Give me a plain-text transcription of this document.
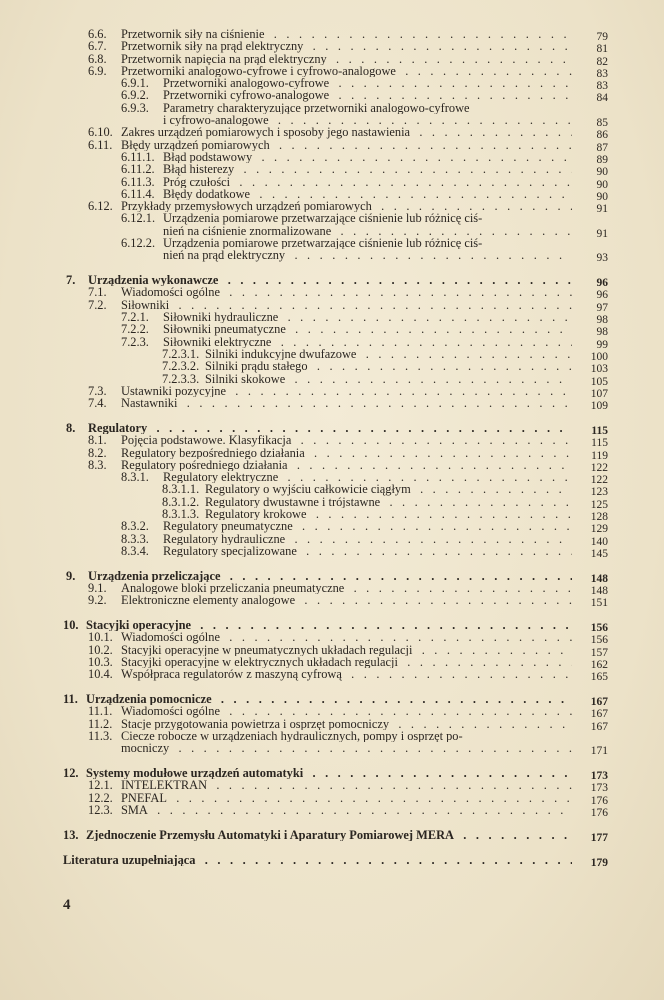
6.6. Przetwornik siły na ciśnienie . . .	79
6.7. Przetwornik siły na prąd elektryczny . . .	81
6.8. Przetwornik napięcia na prąd elektryczny . . .	82
6.9. Przetworniki analogowo-cyfrowe i cyfrowo-analogowe . . .	83
6.9.1. Przetworniki analogowo-cyfrowe . . .	83
6.9.2. Przetworniki cyfrowo-analogowe . . .	84
6.9.3. Parametry charakteryzujące przetworniki analogowo-cyfrowe
i cyfrowo-analogowe . . .	85
6.10. Zakres urządzeń pomiarowych i sposoby jego nastawienia . . .	86
6.11. Błędy urządzeń pomiarowych . . .	87
6.11.1. Błąd podstawowy . . .	89
6.11.2. Błąd histerezy . . .	90
6.11.3. Próg czułości . . .	90
6.11.4. Błędy dodatkowe . . .	90
6.12. Przykłady przemysłowych urządzeń pomiarowych . . .	91
6.12.1. Urządzenia pomiarowe przetwarzające ciśnienie lub różnicę ciś-
nień na ciśnienie znormalizowane . . .	91
6.12.2. Urządzenia pomiarowe przetwarzające ciśnienie lub różnicę ciś-
nień na prąd elektryczny . . .	93
7. Urządzenia wykonawcze . . .	96
7.1. Wiadomości ogólne . . .	96
7.2. Siłowniki . . .	97
7.2.1. Siłowniki hydrauliczne . . .	98
7.2.2. Siłowniki pneumatyczne . . .	98
7.2.3. Siłowniki elektryczne . . .	99
7.2.3.1. Silniki indukcyjne dwufazowe . . .	100
7.2.3.2. Silniki prądu stałego . . .	103
7.2.3.3. Silniki skokowe . . .	105
7.3. Ustawniki pozycyjne . . .	107
7.4. Nastawniki . . .	109
8. Regulatory . . .	115
8.1. Pojęcia podstawowe. Klasyfikacja . . .	115
8.2. Regulatory bezpośredniego działania . . .	119
8.3. Regulatory pośredniego działania . . .	122
8.3.1. Regulatory elektryczne . . .	122
8.3.1.1. Regulatory o wyjściu całkowicie ciągłym . . .	123
8.3.1.2. Regulatory dwustawne i trójstawne . . .	125
8.3.1.3. Regulatory krokowe . . .	128
8.3.2. Regulatory pneumatyczne . . .	129
8.3.3. Regulatory hydrauliczne . . .	140
8.3.4. Regulatory specjalizowane . . .	145
9. Urządzenia przeliczające . . .	148
9.1. Analogowe bloki przeliczania pneumatyczne . . .	148
9.2. Elektroniczne elementy analogowe . . .	151
10. Stacyjki operacyjne . . .	156
10.1. Wiadomości ogólne . . .	156
10.2. Stacyjki operacyjne w pneumatycznych układach regulacji . . .	157
10.3. Stacyjki operacyjne w elektrycznych układach regulacji . . .	162
10.4. Współpraca regulatorów z maszyną cyfrową . . .	165
11. Urządzenia pomocnicze . . .	167
11.1. Wiadomości ogólne . . .	167
11.2. Stacje przygotowania powietrza i osprzęt pomocniczy . . .	167
11.3. Ciecze robocze w urządzeniach hydraulicznych, pompy i osprzęt po-
mocniczy . . .	171
12. Systemy modułowe urządzeń automatyki . . .	173
12.1. INTELEKTRAN . . .	173
12.2. PNEFAL . . .	176
12.3. SMA . . .	176
13. Zjednoczenie Przemysłu Automatyki i Aparatury Pomiarowej MERA . . .	177
Literatura uzupełniająca . . .	179
4
